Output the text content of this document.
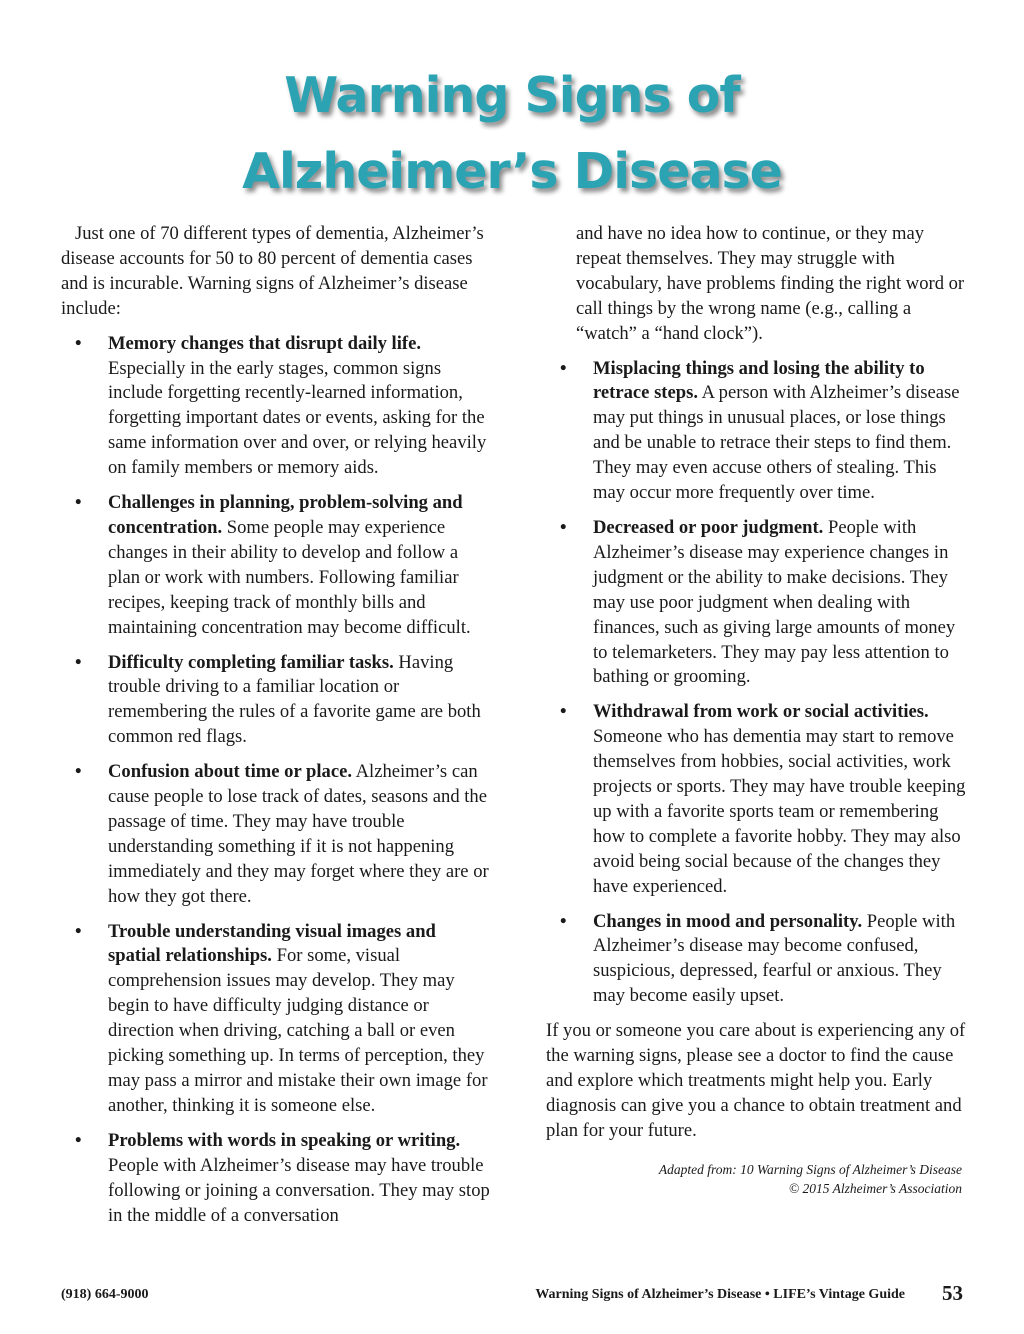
Warning Signs of
Alzheimer’s Disease

Just one of 70 different types of dementia, Alzheimer’s disease accounts for 50 to 80 percent of dementia cases and is incurable. Warning signs of Alzheimer’s disease include:

• Memory changes that disrupt daily life. Especially in the early stages, common signs include forgetting recently-learned information, forgetting important dates or events, asking for the same information over and over, or relying heavily on family members or memory aids.
• Challenges in planning, problem-solving and concentration. Some people may experience changes in their ability to develop and follow a plan or work with numbers. Following familiar recipes, keeping track of monthly bills and maintaining concentration may become difficult.
• Difficulty completing familiar tasks. Having trouble driving to a familiar location or remembering the rules of a favorite game are both common red flags.
• Confusion about time or place. Alzheimer’s can cause people to lose track of dates, seasons and the passage of time. They may have trouble understanding something if it is not happening immediately and they may forget where they are or how they got there.
• Trouble understanding visual images and spatial relationships. For some, visual comprehension issues may develop. They may begin to have difficulty judging distance or direction when driving, catching a ball or even picking something up. In terms of perception, they may pass a mirror and mistake their own image for another, thinking it is someone else.
• Problems with words in speaking or writing. People with Alzheimer’s disease may have trouble following or joining a conversation. They may stop in the middle of a conversation

and have no idea how to continue, or they may repeat themselves. They may struggle with vocabulary, have problems finding the right word or call things by the wrong name (e.g., calling a “watch” a “hand clock”).

• Misplacing things and losing the ability to retrace steps. A person with Alzheimer’s disease may put things in unusual places, or lose things and be unable to retrace their steps to find them. They may even accuse others of stealing. This may occur more frequently over time.
• Decreased or poor judgment. People with Alzheimer’s disease may experience changes in judgment or the ability to make decisions. They may use poor judgment when dealing with finances, such as giving large amounts of money to telemarketers. They may pay less attention to bathing or grooming.
• Withdrawal from work or social activities. Someone who has dementia may start to remove themselves from hobbies, social activities, work projects or sports. They may have trouble keeping up with a favorite sports team or remembering how to complete a favorite hobby. They may also avoid being social because of the changes they have experienced.
• Changes in mood and personality. People with Alzheimer’s disease may become confused, suspicious, depressed, fearful or anxious. They may become easily upset.

If you or someone you care about is experiencing any of the warning signs, please see a doctor to find the cause and explore which treatments might help you. Early diagnosis can give you a chance to obtain treatment and plan for your future.

Adapted from: 10 Warning Signs of Alzheimer’s Disease
© 2015 Alzheimer’s Association
(918) 664-9000	Warning Signs of Alzheimer’s Disease • LIFE’s Vintage Guide 53
